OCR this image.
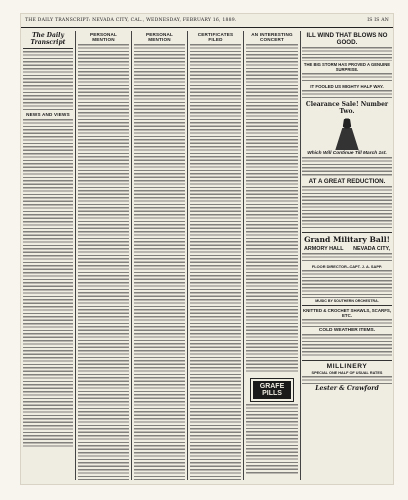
THE DAILY TRANSCRIPT: NEVADA CITY, CAL., WEDNESDAY, FEBRUARY 16, 1889.	IS IS AN
The Daily Transcript

NEWS AND VIEWS

PERSONAL MENTION

PERSONAL MENTION

CERTIFICATES FILED

AN INTERESTING CONCERT

GRAFE PILLS

ILL WIND THAT BLOWS NO GOOD.

THE BIG STORM HAS PROVED A GENUINE SURPRISE.

IT FOOLED US MIGHTY HALF WAY.

Clearance Sale! Number Two.
Which Will Continue Till March 1st.

AT A GREAT REDUCTION.

Grand Military Ball!
ARMORY HALL NEVADA CITY,

FLOOR DIRECTOR--CAPT. J. A. SAPP.

MUSIC BY SOUTHERN ORCHESTRA.
KNITTED & CROCHET SHAWLS, SCARFS, ETC.

COLD WEATHER ITEMS.

MILLINERY
SPECIAL ONE HALF OF USUAL RATES

Lester & Crawford
